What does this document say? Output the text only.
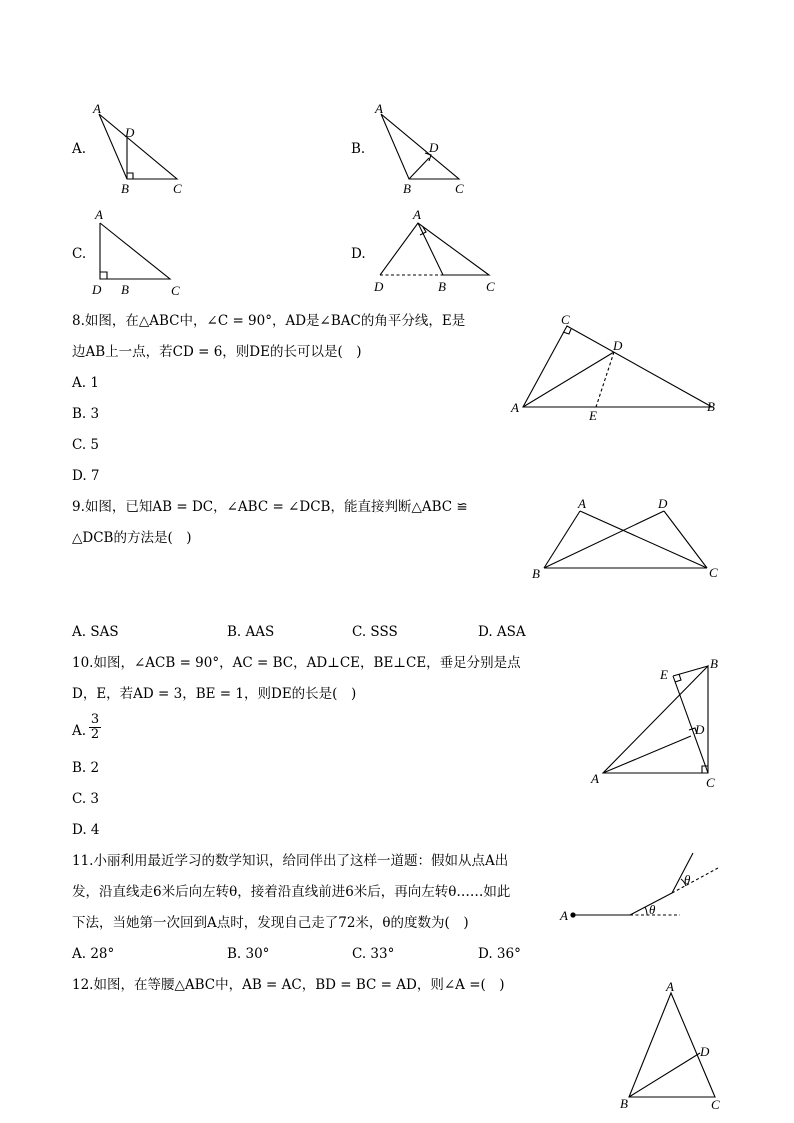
A.
A
D
B	C
B.
A
D
B	C
C.
A
D B	C
D.
A
D	B	C
8.如图，在△ABC中，∠C = 90°，AD是∠BAC的角平分线，E是
边AB上一点，若CD = 6，则DE的长可以是(　)
A. 1
B. 3
C. 5
D. 7
C
D
A	B
E
9.如图，已知AB = DC，∠ABC = ∠DCB，能直接判断△ABC ≌
△DCB的方法是(　)
A	D
B	C
A. SAS	B. AAS	C. SSS	D. ASA
10.如图，∠ACB = 90°，AC = BC，AD⊥CE，BE⊥CE，垂足分别是点
D，E，若AD = 3，BE = 1，则DE的长是(　)
A. $\frac{3}{2}$
B. 2
C. 3
D. 4
B
E
D
A	C
11.小丽利用最近学习的数学知识，给同伴出了这样一道题：假如从点A出
发，沿直线走6米后向左转θ，接着沿直线前进6米后，再向左转θ……如此
下法，当她第一次回到A点时，发现自己走了72米，θ的度数为(　)
A. 28°	B. 30°	C. 33°	D. 36°
A	θ
θ
12.如图，在等腰△ABC中，AB = AC，BD = BC = AD，则∠A =(　)	A
D
B	C
